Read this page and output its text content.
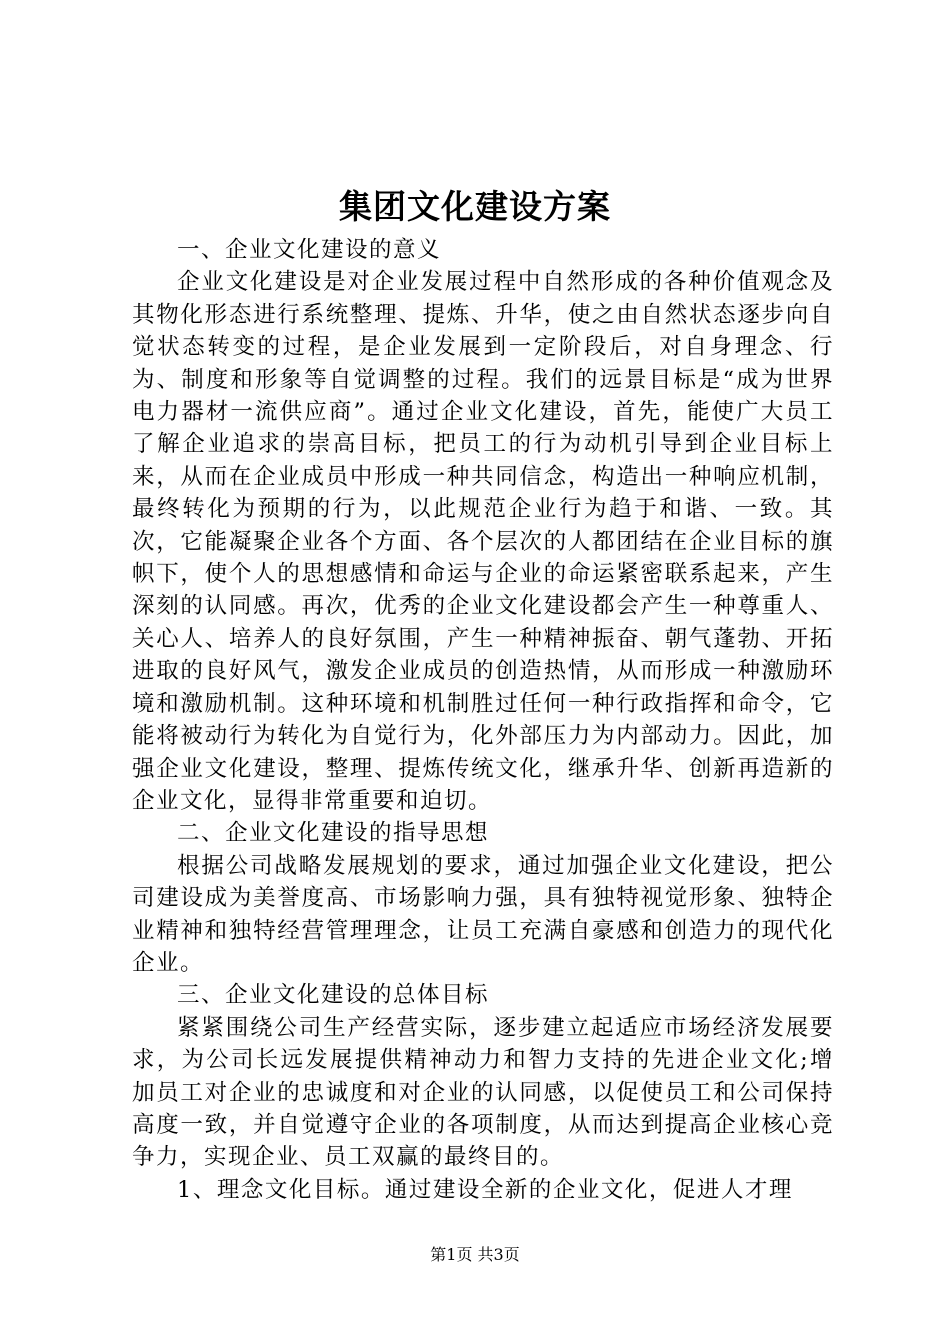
集团文化建设方案

一、企业文化建设的意义

企业文化建设是对企业发展过程中自然形成的各种价值观念及其物化形态进行系统整理、提炼、升华，使之由自然状态逐步向自觉状态转变的过程，是企业发展到一定阶段后，对自身理念、行为、制度和形象等自觉调整的过程。我们的远景目标是“成为世界电力器材一流供应商”。通过企业文化建设，首先，能使广大员工了解企业追求的崇高目标，把员工的行为动机引导到企业目标上来，从而在企业成员中形成一种共同信念，构造出一种响应机制，最终转化为预期的行为，以此规范企业行为趋于和谐、一致。其次，它能凝聚企业各个方面、各个层次的人都团结在企业目标的旗帜下，使个人的思想感情和命运与企业的命运紧密联系起来，产生深刻的认同感。再次，优秀的企业文化建设都会产生一种尊重人、关心人、培养人的良好氛围，产生一种精神振奋、朝气蓬勃、开拓进取的良好风气，激发企业成员的创造热情，从而形成一种激励环境和激励机制。这种环境和机制胜过任何一种行政指挥和命令，它能将被动行为转化为自觉行为，化外部压力为内部动力。因此，加强企业文化建设，整理、提炼传统文化，继承升华、创新再造新的企业文化，显得非常重要和迫切。

二、企业文化建设的指导思想

根据公司战略发展规划的要求，通过加强企业文化建设，把公司建设成为美誉度高、市场影响力强，具有独特视觉形象、独特企业精神和独特经营管理理念，让员工充满自豪感和创造力的现代化企业。

三、企业文化建设的总体目标

紧紧围绕公司生产经营实际，逐步建立起适应市场经济发展要求，为公司长远发展提供精神动力和智力支持的先进企业文化;增加员工对企业的忠诚度和对企业的认同感，以促使员工和公司保持高度一致，并自觉遵守企业的各项制度，从而达到提高企业核心竞争力，实现企业、员工双赢的最终目的。

1、理念文化目标。通过建设全新的企业文化，促进人才理

第1页 共3页
